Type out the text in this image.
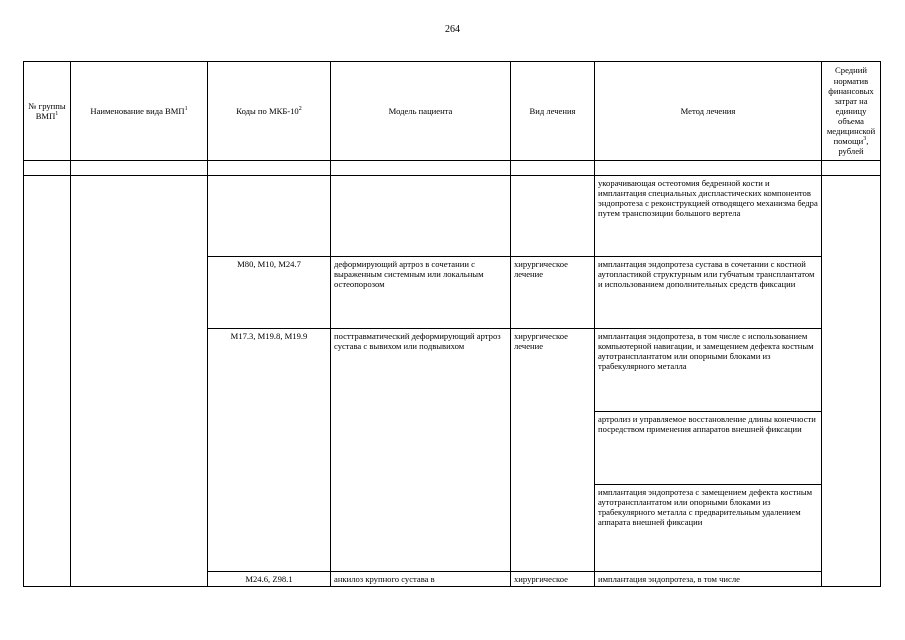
264
№ группы ВМП$^1$	Наименование вида ВМП$^1$	Коды по МКБ-$10^2$	Модель пациента	Вид лечения	Метод лечения	Средний норматив финансовых затрат на единицу объема медицинской помощи$^3$, рублей

					укорачивающая остеотомия бедренной кости и имплантация специальных диспластических компонентов эндопротеза с реконструкцией отводящего механизма бедра путем транспозиции большого вертела	
		M80, M10, M24.7	деформирующий артроз в сочетании с выраженным системным или локальным остеопорозом	хирургическое лечение	имплантация эндопротеза сустава в сочетании с костной аутопластикой структурным или губчатым трансплантатом и использованием дополнительных средств фиксации	
		M17.3, M19.8, M19.9	посттравматический деформирующий артроз сустава с вывихом или подвывихом	хирургическое лечение	имплантация эндопротеза, в том числе с использованием компьютерной навигации, и замещением дефекта костным аутотрансплантатом или опорными блоками из трабекулярного металла	
					артролиз и управляемое восстановление длины конечности посредством применения аппаратов внешней фиксации	
					имплантация эндопротеза с замещением дефекта костным аутотрансплантатом или опорными блоками из трабекулярного металла с предварительным удалением аппарата внешней фиксации	
		M24.6, Z98.1	анкилоз крупного сустава в	хирургическое	имплантация эндопротеза, в том числе	
